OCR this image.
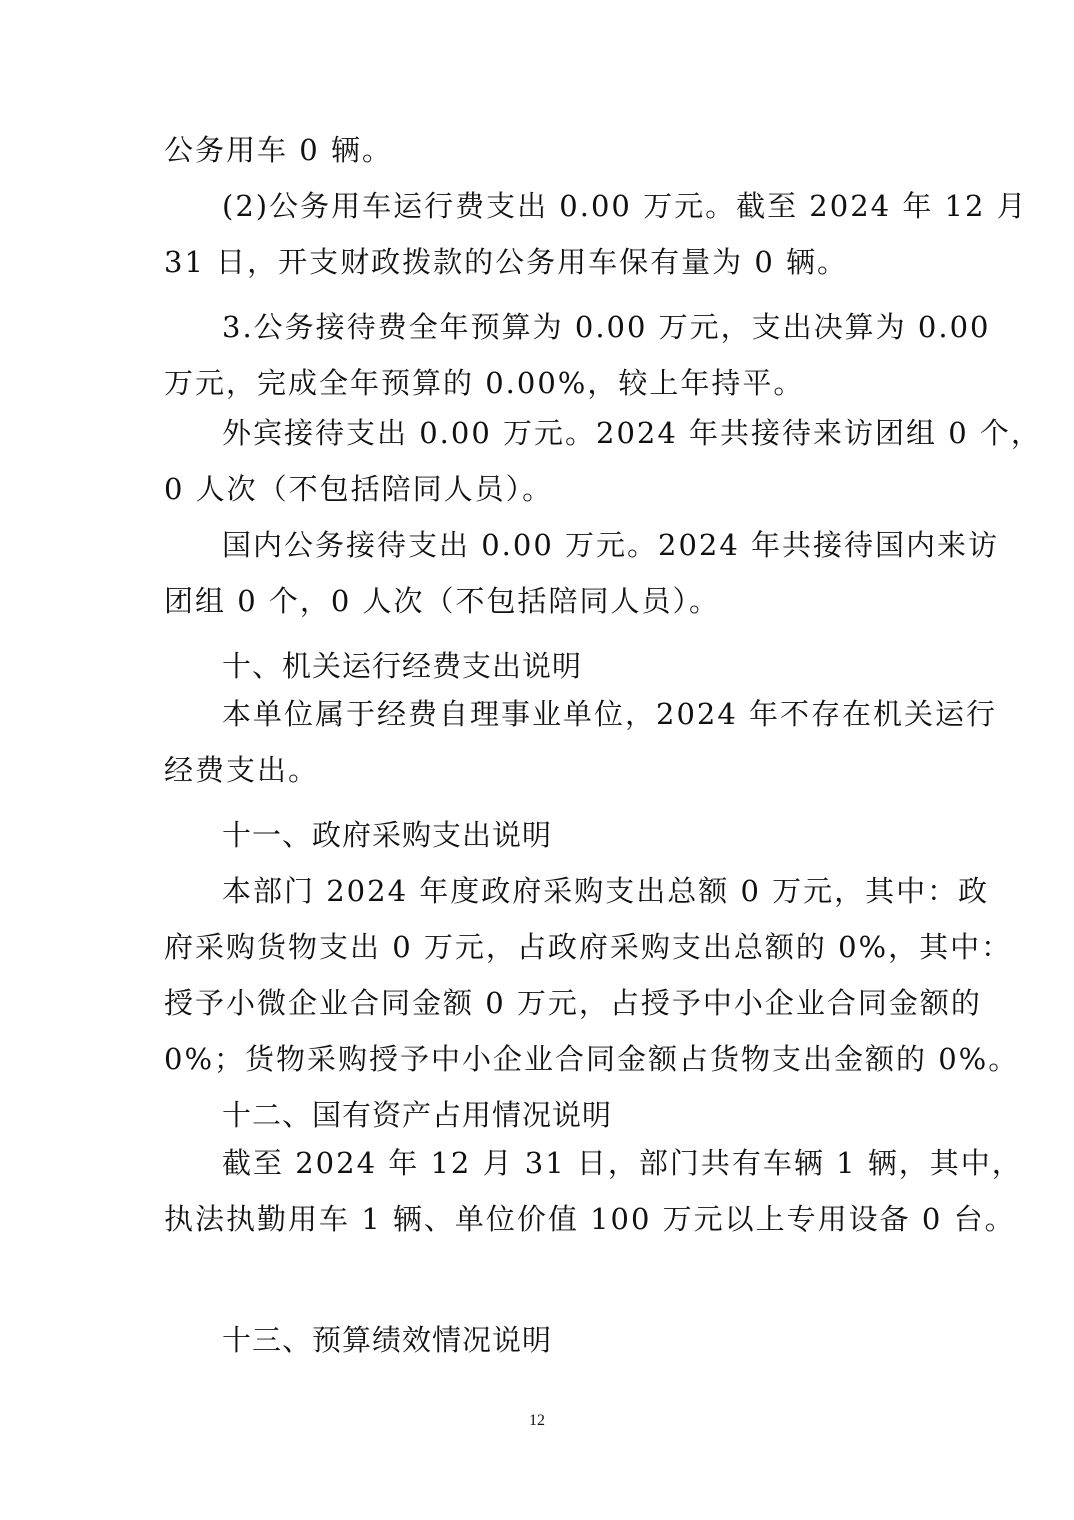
公务用车 0 辆。
(2)公务用车运行费支出 0.00 万元。截至 2024 年 12 月
31 日，开支财政拨款的公务用车保有量为 0 辆。
3.公务接待费全年预算为 0.00 万元，支出决算为 0.00
万元，完成全年预算的 0.00%，较上年持平。
外宾接待支出 0.00 万元。2024 年共接待来访团组 0 个，
0 人次（不包括陪同人员）。
国内公务接待支出 0.00 万元。2024 年共接待国内来访
团组 0 个，0 人次（不包括陪同人员）。
十、机关运行经费支出说明
本单位属于经费自理事业单位，2024 年不存在机关运行
经费支出。
十一、政府采购支出说明
本部门 2024 年度政府采购支出总额 0 万元，其中：政
府采购货物支出 0 万元，占政府采购支出总额的 0%，其中：
授予小微企业合同金额 0 万元，占授予中小企业合同金额的
0%；货物采购授予中小企业合同金额占货物支出金额的 0%。
十二、国有资产占用情况说明
截至 2024 年 12 月 31 日，部门共有车辆 1 辆，其中，
执法执勤用车 1 辆、单位价值 100 万元以上专用设备 0 台。
十三、预算绩效情况说明
12
